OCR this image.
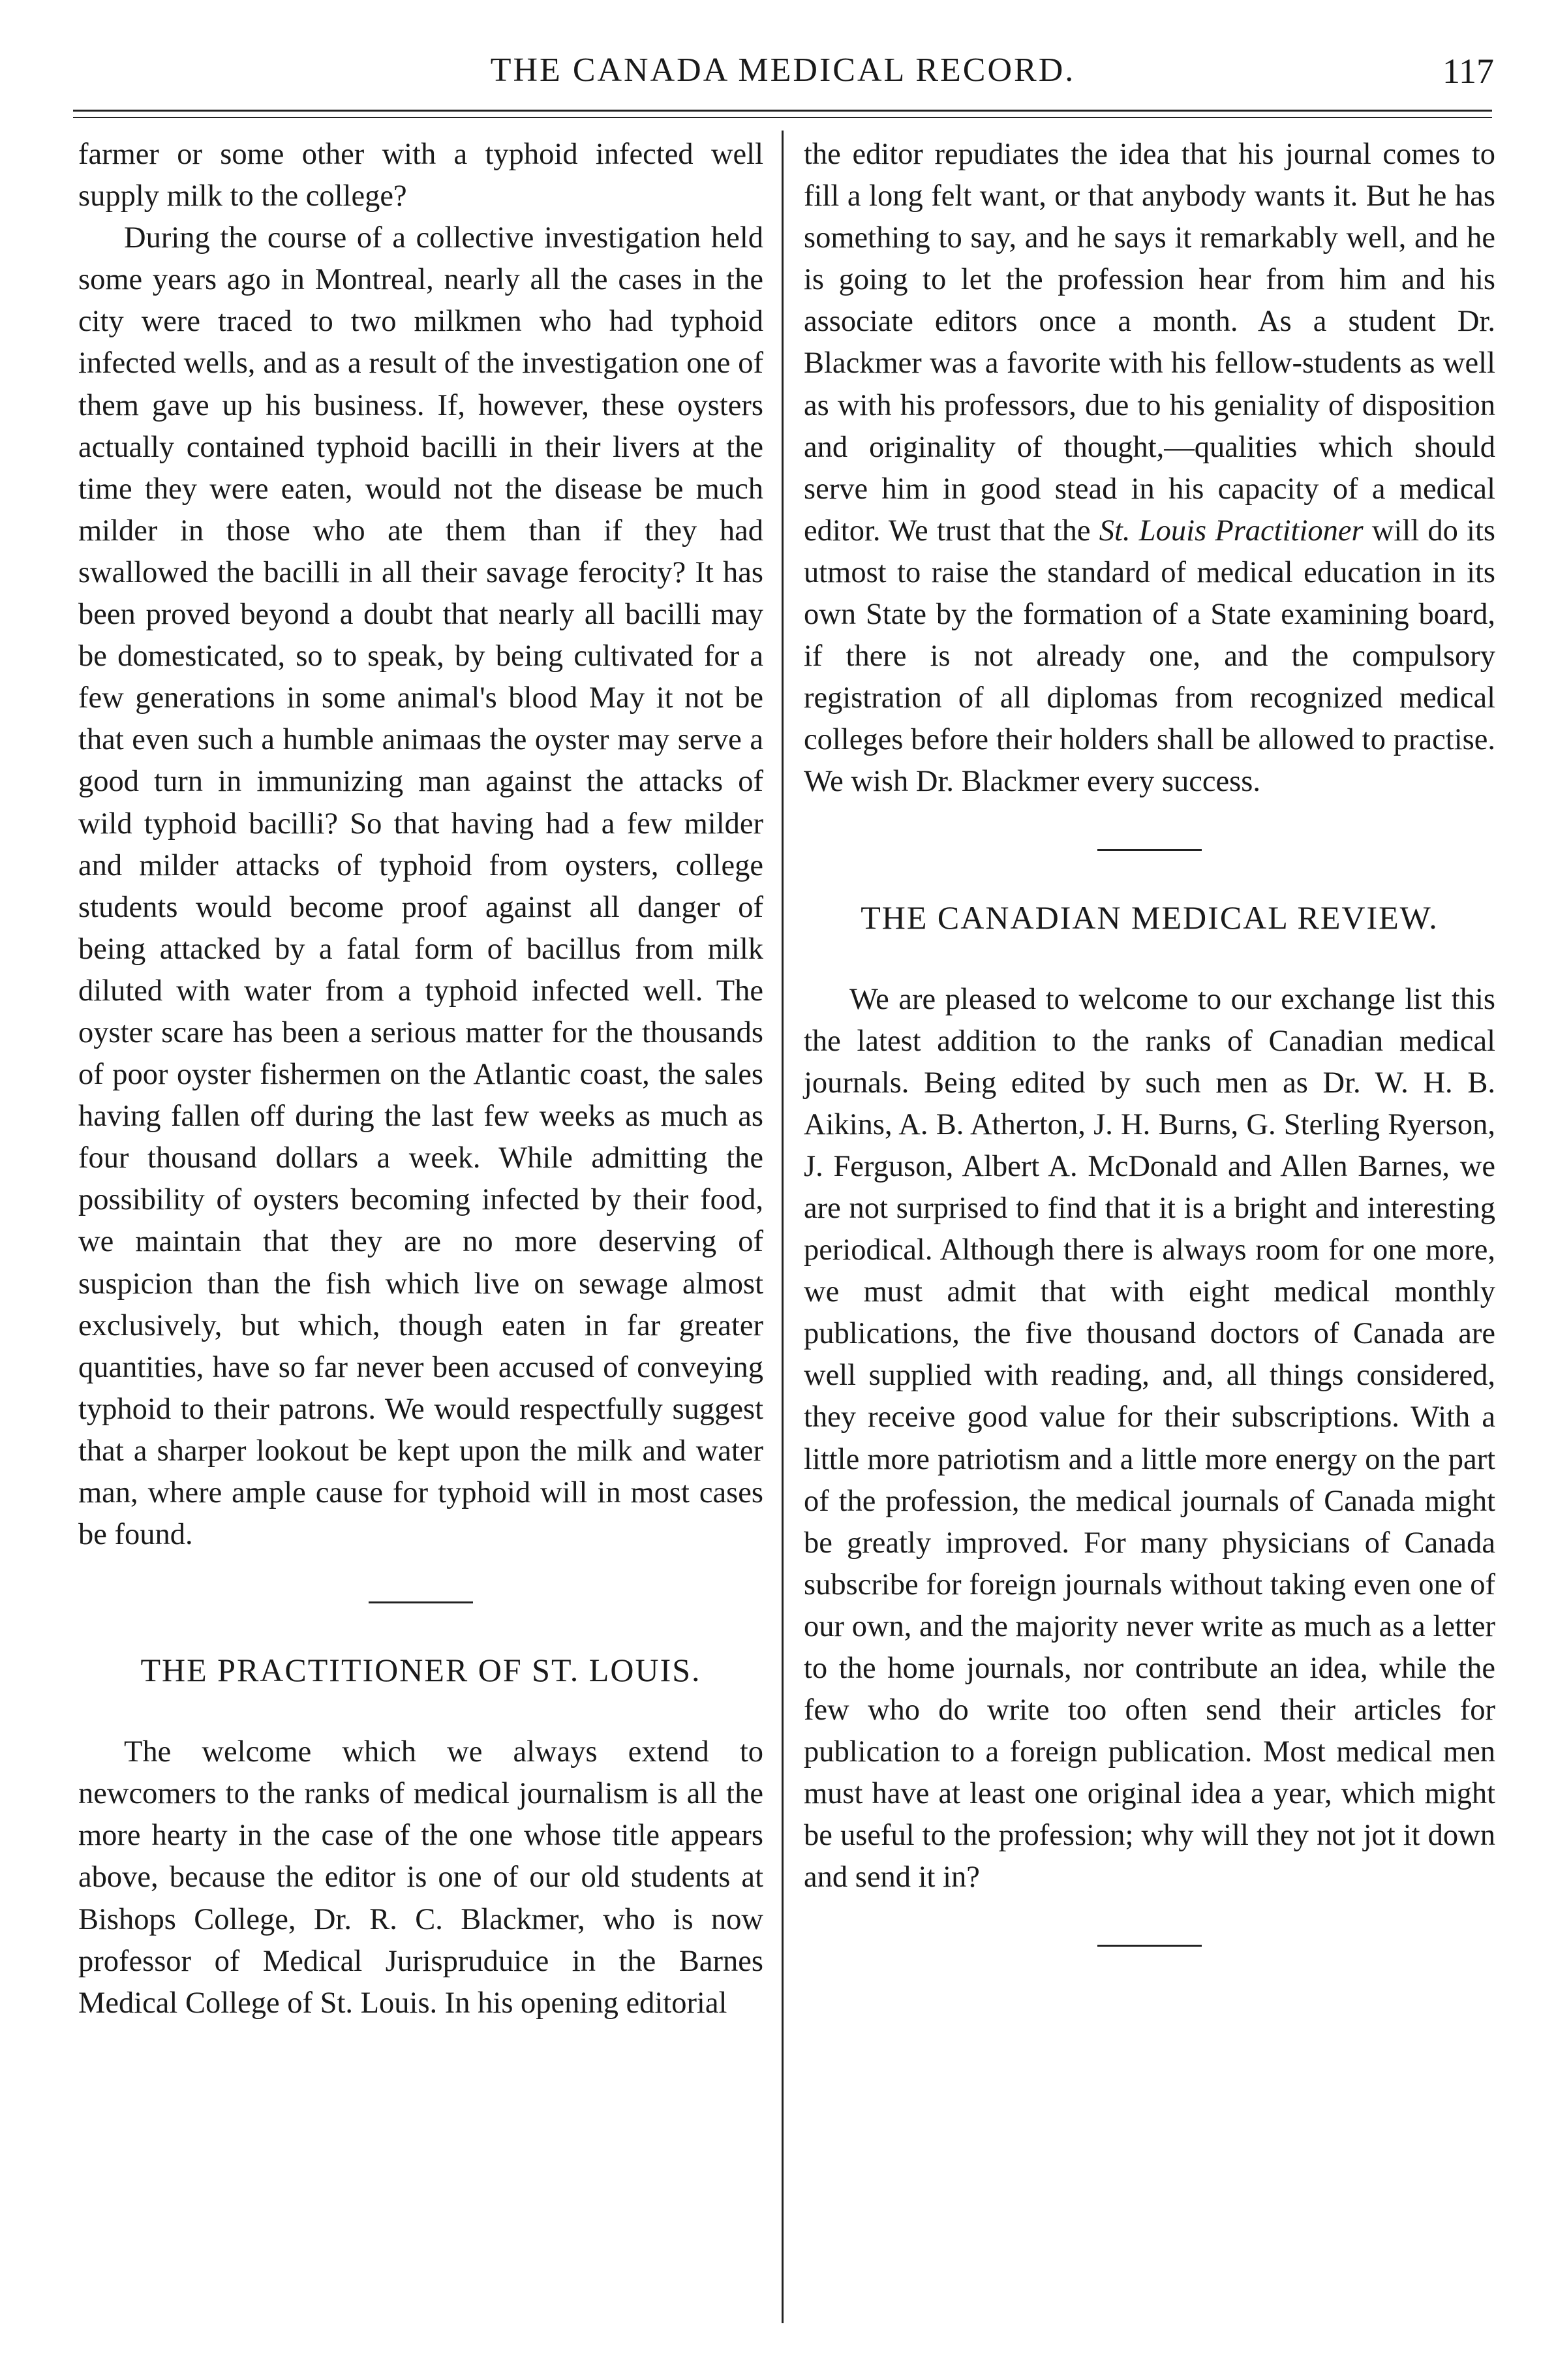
THE CANADA MEDICAL RECORD.	117

farmer or some other with a typhoid infected well supply milk to the college?

During the course of a collective investigation held some years ago in Montreal, nearly all the cases in the city were traced to two milkmen who had typhoid infected wells, and as a result of the investigation one of them gave up his business. If, however, these oysters actually contained typhoid bacilli in their livers at the time they were eaten, would not the disease be much milder in those who ate them than if they had swallowed the bacilli in all their savage ferocity? It has been proved beyond a doubt that nearly all bacilli may be domesticated, so to speak, by being cultivated for a few generations in some animal's blood May it not be that even such a humble animaas the oyster may serve a good turn in immunizing man against the attacks of wild typhoid bacilli? So that having had a few milder and milder attacks of typhoid from oysters, college students would become proof against all danger of being attacked by a fatal form of bacillus from milk diluted with water from a typhoid infected well. The oyster scare has been a serious matter for the thousands of poor oyster fishermen on the Atlantic coast, the sales having fallen off during the last few weeks as much as four thousand dollars a week. While admitting the possibility of oysters becoming infected by their food, we maintain that they are no more deserving of suspicion than the fish which live on sewage almost exclusively, but which, though eaten in far greater quantities, have so far never been accused of conveying typhoid to their patrons. We would respectfully suggest that a sharper lookout be kept upon the milk and water man, where ample cause for typhoid will in most cases be found.

THE PRACTITIONER OF ST. LOUIS.

The welcome which we always extend to newcomers to the ranks of medical journalism is all the more hearty in the case of the one whose title appears above, because the editor is one of our old students at Bishops College, Dr. R. C. Blackmer, who is now professor of Medical Jurispruduice in the Barnes Medical College of St. Louis. In his opening editorial

the editor repudiates the idea that his journal comes to fill a long felt want, or that anybody wants it. But he has something to say, and he says it remarkably well, and he is going to let the profession hear from him and his associate editors once a month. As a student Dr. Blackmer was a favorite with his fellow-students as well as with his professors, due to his geniality of disposition and originality of thought,—qualities which should serve him in good stead in his capacity of a medical editor. We trust that the St. Louis Practitioner will do its utmost to raise the standard of medical education in its own State by the formation of a State examining board, if there is not already one, and the compulsory registration of all diplomas from recognized medical colleges before their holders shall be allowed to practise. We wish Dr. Blackmer every success.

THE CANADIAN MEDICAL REVIEW.

We are pleased to welcome to our exchange list this the latest addition to the ranks of Canadian medical journals. Being edited by such men as Dr. W. H. B. Aikins, A. B. Atherton, J. H. Burns, G. Sterling Ryerson, J. Ferguson, Albert A. McDonald and Allen Barnes, we are not surprised to find that it is a bright and interesting periodical. Although there is always room for one more, we must admit that with eight medical monthly publications, the five thousand doctors of Canada are well supplied with reading, and, all things considered, they receive good value for their subscriptions. With a little more patriotism and a little more energy on the part of the profession, the medical journals of Canada might be greatly improved. For many physicians of Canada subscribe for foreign journals without taking even one of our own, and the majority never write as much as a letter to the home journals, nor contribute an idea, while the few who do write too often send their articles for publication to a foreign publication. Most medical men must have at least one original idea a year, which might be useful to the profession; why will they not jot it down and send it in?
